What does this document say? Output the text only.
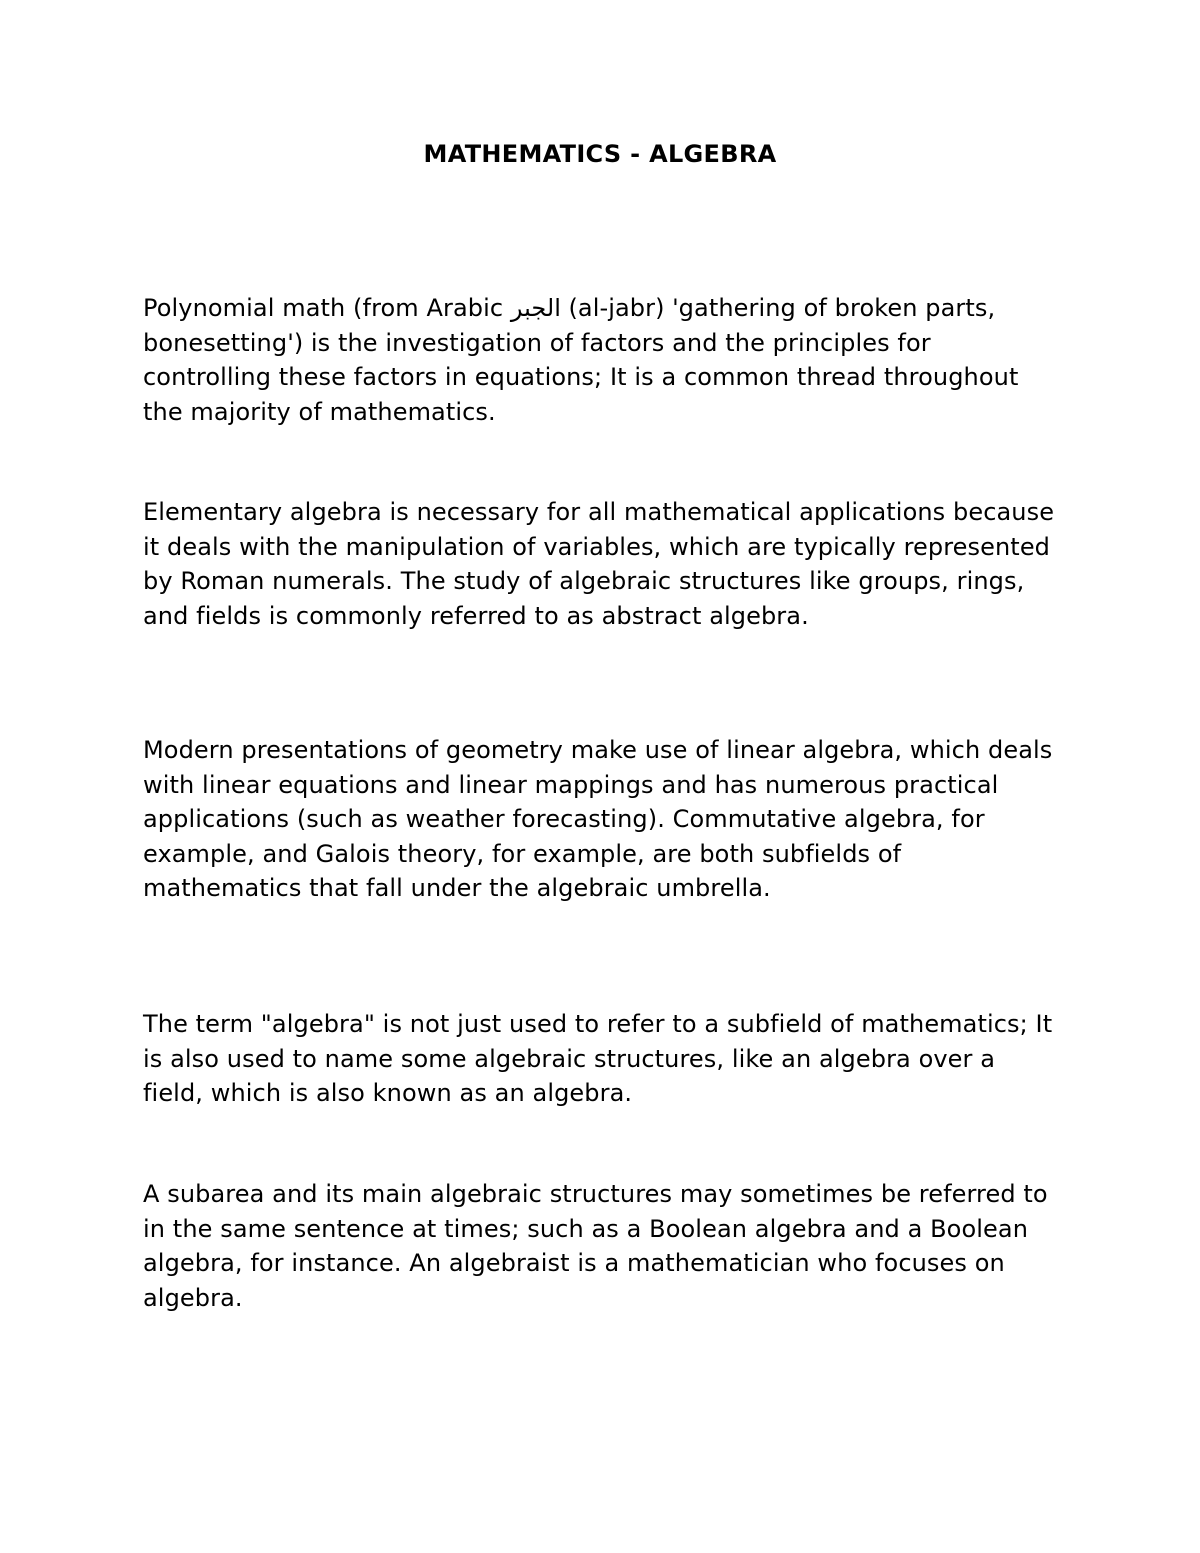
MATHEMATICS - ALGEBRA

Polynomial math (from Arabic الجبر (al-jabr) 'gathering of broken parts, bonesetting') is the investigation of factors and the principles for controlling these factors in equations; It is a common thread throughout the majority of mathematics.

Elementary algebra is necessary for all mathematical applications because it deals with the manipulation of variables, which are typically represented by Roman numerals. The study of algebraic structures like groups, rings, and fields is commonly referred to as abstract algebra.

Modern presentations of geometry make use of linear algebra, which deals with linear equations and linear mappings and has numerous practical applications (such as weather forecasting). Commutative algebra, for example, and Galois theory, for example, are both subfields of mathematics that fall under the algebraic umbrella.

The term "algebra" is not just used to refer to a subfield of mathematics; It is also used to name some algebraic structures, like an algebra over a field, which is also known as an algebra.

A subarea and its main algebraic structures may sometimes be referred to in the same sentence at times; such as a Boolean algebra and a Boolean algebra, for instance. An algebraist is a mathematician who focuses on algebra.
